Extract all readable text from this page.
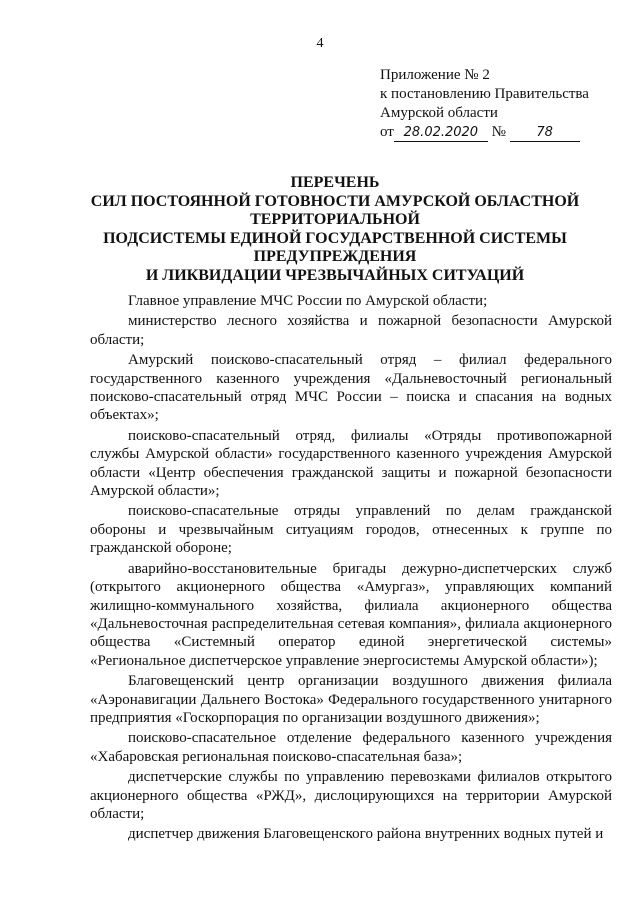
4
Приложение № 2
к постановлению Правительства
Амурской области
от 28.02.2020 № 78
ПЕРЕЧЕНЬ
СИЛ ПОСТОЯННОЙ ГОТОВНОСТИ АМУРСКОЙ ОБЛАСТНОЙ
ТЕРРИТОРИАЛЬНОЙ
ПОДСИСТЕМЫ ЕДИНОЙ ГОСУДАРСТВЕННОЙ СИСТЕМЫ
ПРЕДУПРЕЖДЕНИЯ
И ЛИКВИДАЦИИ ЧРЕЗВЫЧАЙНЫХ СИТУАЦИЙ

Главное управление МЧС России по Амурской области;

министерство лесного хозяйства и пожарной безопасности Амурской области;

Амурский поисково-спасательный отряд – филиал федерального государственного казенного учреждения «Дальневосточный региональный поисково-спасательный отряд МЧС России – поиска и спасания на водных объектах»;

поисково-спасательный отряд, филиалы «Отряды противопожарной службы Амурской области» государственного казенного учреждения Амурской области «Центр обеспечения гражданской защиты и пожарной безопасности Амурской области»;

поисково-спасательные отряды управлений по делам гражданской обороны и чрезвычайным ситуациям городов, отнесенных к группе по гражданской обороне;

аварийно-восстановительные бригады дежурно-диспетчерских служб (открытого акционерного общества «Амургаз», управляющих компаний жилищно-коммунального хозяйства, филиала акционерного общества «Дальневосточная распределительная сетевая компания», филиала акционерного общества «Системный оператор единой энергетической системы» «Региональное диспетчерское управление энергосистемы Амурской области»);

Благовещенский центр организации воздушного движения филиала «Аэронавигации Дальнего Востока» Федерального государственного унитарного предприятия «Госкорпорация по организации воздушного движения»;

поисково-спасательное отделение федерального казенного учреждения «Хабаровская региональная поисково-спасательная база»;

диспетчерские службы по управлению перевозками филиалов открытого акционерного общества «РЖД», дислоцирующихся на территории Амурской области;

диспетчер движения Благовещенского района внутренних водных путей и
